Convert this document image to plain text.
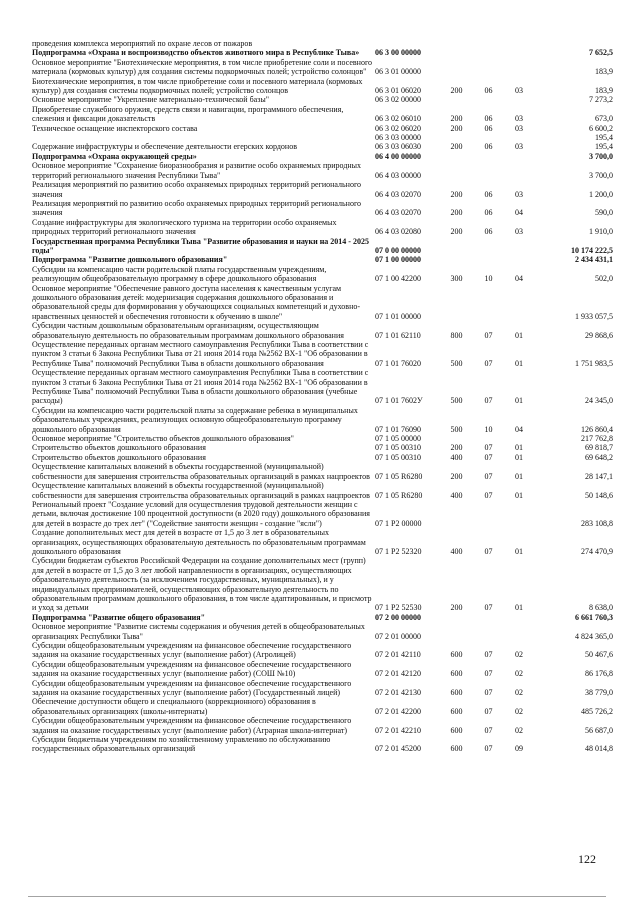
проведения комплекса мероприятий по охране лесов от пожаров					
Подпрограмма «Охрана и воспроизводство объектов животного мира в Республике Тыва»	06 3 00 00000				7 652,5
Основное мероприятие "Биотехнические мероприятия, в том числе приобретение соли и посевного материала (кормовых культур) для создания системы подкормочных полей; устройство солонцов"	06 3 01 00000				183,9
Биотехнические мероприятия, в том числе приобретение соли и посевного материала (кормовых культур) для создания системы подкормочных полей; устройство солонцов	06 3 01 06020	200	06	03	183,9
Основное мероприятие "Укрепление материально-технической базы"	06 3 02 00000				7 273,2
Приобретение служебного оружия, средств связи и навигации, программного обеспечения, слежения и фиксации доказательств	06 3 02 06010	200	06	03	673,0
Техническое оснащение инспекторского состава	06 3 02 06020	200	06	03	6 600,2
	06 3 03 00000				195,4
Содержание инфраструктуры и обеспечение деятельности егерских кордонов	06 3 03 06030	200	06	03	195,4
Подпрограмма «Охрана окружающей среды»	06 4 00 00000				3 700,0
Основное мероприятие "Сохранение биоразнообразия и развитие особо охраняемых природных территорий регионального значения Республики Тыва"	06 4 03 00000				3 700,0
Реализация мероприятий по развитию особо охраняемых природных территорий регионального значения	06 4 03 02070	200	06	03	1 200,0
Реализация мероприятий по развитию особо охраняемых природных территорий регионального значения	06 4 03 02070	200	06	04	590,0
Создание инфраструктуры для экологического туризма на территории особо охраняемых природных территорий регионального значения	06 4 03 02080	200	06	03	1 910,0
Государственная программа Республики Тыва "Развитие образования и науки на 2014 - 2025 годы"	07 0 00 00000				10 174 222,5
Подпрограмма "Развитие дошкольного образования"	07 1 00 00000				2 434 431,1
Субсидии на компенсацию части родительской платы государственным учреждениям, реализующим общеобразовательную программу в сфере дошкольного образования	07 1 00 42200	300	10	04	502,0
Основное мероприятие "Обеспечение равного доступа населения к качественным услугам дошкольного образования детей: модернизация содержания дошкольного образования и образовательной среды для формирования у обучающихся социальных компетенций и духовно-нравственных ценностей и обеспечения готовности к обучению в школе"	07 1 01 00000				1 933 057,5
Субсидии частным дошкольным образовательным организациям, осуществляющим образовательную деятельность по образовательным программам дошкольного образования	07 1 01 62110	800	07	01	29 868,6
Осуществление переданных органам местного самоуправления Республики Тыва в соответствии с пунктом 3 статьи 6 Закона Республики Тыва от 21 июня 2014 года №2562 ВХ-1 "Об образовании в Республике Тыва" полномочий Республики Тыва в области дошкольного образования	07 1 01 76020	500	07	01	1 751 983,5
Осуществление переданных органам местного самоуправления Республики Тыва в соответствии с пунктом 3 статьи 6 Закона Республики Тыва от 21 июня 2014 года №2562 ВХ-1 "Об образовании в Республике Тыва" полномочий Республики Тыва в области дошкольного образования (учебные расходы)	07 1 01 7602У	500	07	01	24 345,0
Субсидии на компенсацию части родительской платы за содержание ребенка в муниципальных образовательных учреждениях, реализующих основную общеобразовательную программу дошкольного образования	07 1 01 76090	500	10	04	126 860,4
Основное мероприятие "Строительство объектов дошкольного образования"	07 1 05 00000				217 762,8
Строительство объектов дошкольного образования	07 1 05 00310	200	07	01	69 818,7
Строительство объектов дошкольного образования	07 1 05 00310	400	07	01	69 648,2
Осуществление капитальных вложений в объекты государственной (муниципальной) собственности для завершения строительства образовательных организаций в рамках нацпроектов	07 1 05 R6280	200	07	01	28 147,1
Осуществление капитальных вложений в объекты государственной (муниципальной) собственности для завершения строительства образовательных организаций в рамках нацпроектов	07 1 05 R6280	400	07	01	50 148,6
Региональный проект "Создание условий для осуществления трудовой деятельности женщин с детьми, включая достижение 100 процентной доступности (в 2020 году) дошкольного образования для детей в возрасте до трех лет" ("Содействие занятости женщин - создание "ясли")	07 1 P2 00000				283 108,8
Создание дополнительных мест для детей в возрасте от 1,5 до 3 лет в образовательных организациях, осуществляющих образовательную деятельность по образовательным программам дошкольного образования	07 1 P2 52320	400	07	01	274 470,9
Субсидии бюджетам субъектов Российской Федерации на создание дополнительных мест (групп) для детей в возрасте от 1,5 до 3 лет любой направленности в организациях, осуществляющих образовательную деятельность (за исключением государственных, муниципальных), и у индивидуальных предпринимателей, осуществляющих образовательную деятельность по образовательным программам дошкольного образования, в том числе адаптированным, и присмотр и уход за детьми	07 1 P2 52530	200	07	01	8 638,0
Подпрограмма "Развитие общего образования"	07 2 00 00000				6 661 760,3
Основное мероприятие "Развитие системы содержания и обучения детей в общеобразовательных организациях Республики Тыва"	07 2 01 00000				4 824 365,0
Субсидии общеобразовательным учреждениям на финансовое обеспечение государственного задания на оказание государственных услуг (выполнение работ) (Агролицей)	07 2 01 42110	600	07	02	50 467,6
Субсидии общеобразовательным учреждениям на финансовое обеспечение государственного задания на оказание государственных услуг (выполнение работ) (СОШ №10)	07 2 01 42120	600	07	02	86 176,8
Субсидии общеобразовательным учреждениям на финансовое обеспечение государственного задания на оказание государственных услуг (выполнение работ) (Государственный лицей)	07 2 01 42130	600	07	02	38 779,0
Обеспечение доступности общего и специального (коррекционного) образования в образовательных организациях (школы-интернаты)	07 2 01 42200	600	07	02	485 726,2
Субсидии общеобразовательным учреждениям на финансовое обеспечение государственного задания на оказание государственных услуг (выполнение работ) (Аграрная школа-интернат)	07 2 01 42210	600	07	02	56 687,0
Субсидии бюджетным учреждениям по хозяйственному управлению по обслуживанию государственных образовательных организаций	07 2 01 45200	600	07	09	48 014,8
122
